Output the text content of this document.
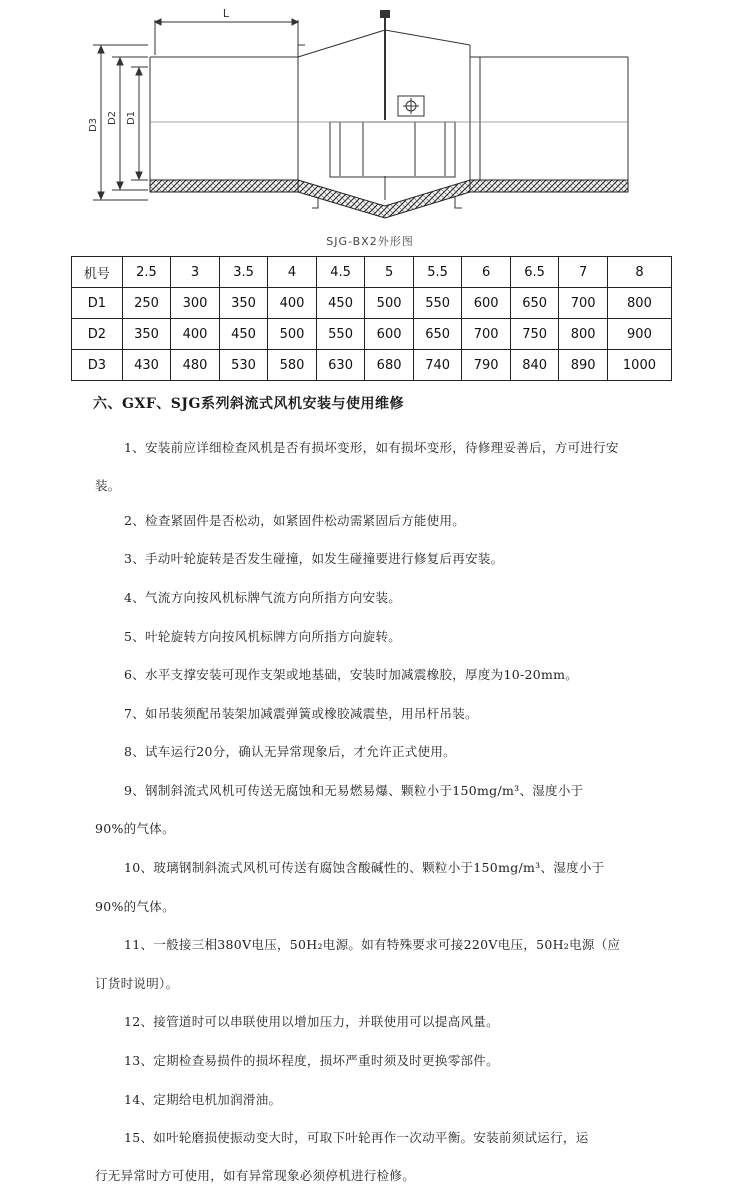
L
D3 D2 D1
SJG-BX2外形图
机号	2.5	3	3.5	4	4.5	5	5.5	6	6.5	7	8
D1	250	300	350	400	450	500	550	600	650	700	800
D2	350	400	450	500	550	600	650	700	750	800	900
D3	430	480	530	580	630	680	740	790	840	890	1000
六、GXF、SJG系列斜流式风机安装与使用维修
1、安装前应详细检查风机是否有损坏变形，如有损坏变形，待修理妥善后，方可进行安
装。
2、检查紧固件是否松动，如紧固件松动需紧固后方能使用。
3、手动叶轮旋转是否发生碰撞，如发生碰撞要进行修复后再安装。
4、气流方向按风机标牌气流方向所指方向安装。
5、叶轮旋转方向按风机标牌方向所指方向旋转。
6、水平支撑安装可现作支架或地基础，安装时加减震橡胶，厚度为10-20mm。
7、如吊装须配吊装架加减震弹簧或橡胶减震垫，用吊杆吊装。
8、试车运行20分，确认无异常现象后，才允许正式使用。
9、钢制斜流式风机可传送无腐蚀和无易燃易爆、颗粒小于150mg/m³、湿度小于
90%的气体。
10、玻璃钢制斜流式风机可传送有腐蚀含酸碱性的、颗粒小于150mg/m³、湿度小于
90%的气体。
11、一般接三相380V电压，50H₂电源。如有特殊要求可接220V电压，50H₂电源（应
订货时说明）。
12、接管道时可以串联使用以增加压力，并联使用可以提高风量。
13、定期检查易损件的损坏程度，损坏严重时须及时更换零部件。
14、定期给电机加润滑油。
15、如叶轮磨损使振动变大时，可取下叶轮再作一次动平衡。安装前须试运行，运
行无异常时方可使用，如有异常现象必须停机进行检修。
